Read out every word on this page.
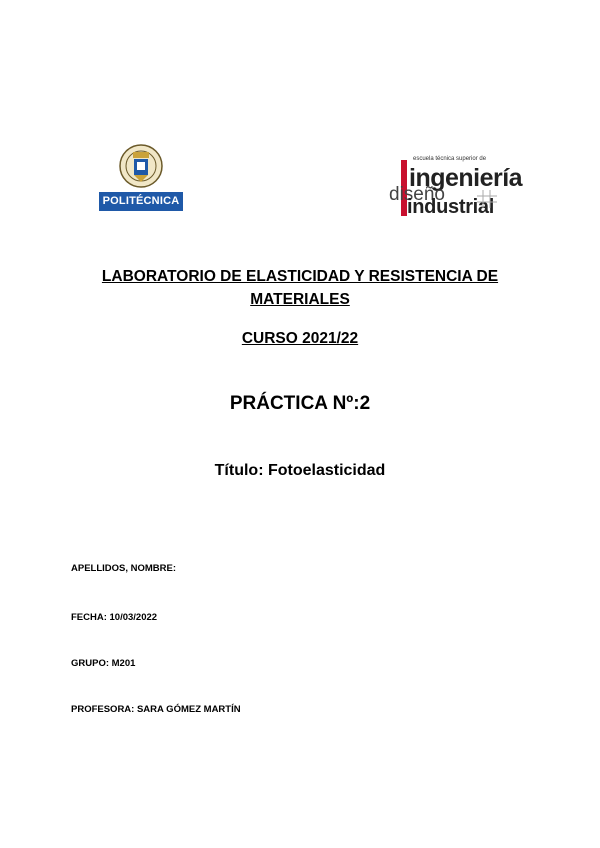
POLITÉCNICA
escuela técnica superior de
ingeniería
diseño
industrial
LABORATORIO DE ELASTICIDAD Y RESISTENCIA DE MATERIALES
CURSO 2021/22
PRÁCTICA Nº:2
Título: Fotoelasticidad
APELLIDOS, NOMBRE:
FECHA: 10/03/2022
GRUPO: M201
PROFESORA: SARA GÓMEZ MARTÍN
